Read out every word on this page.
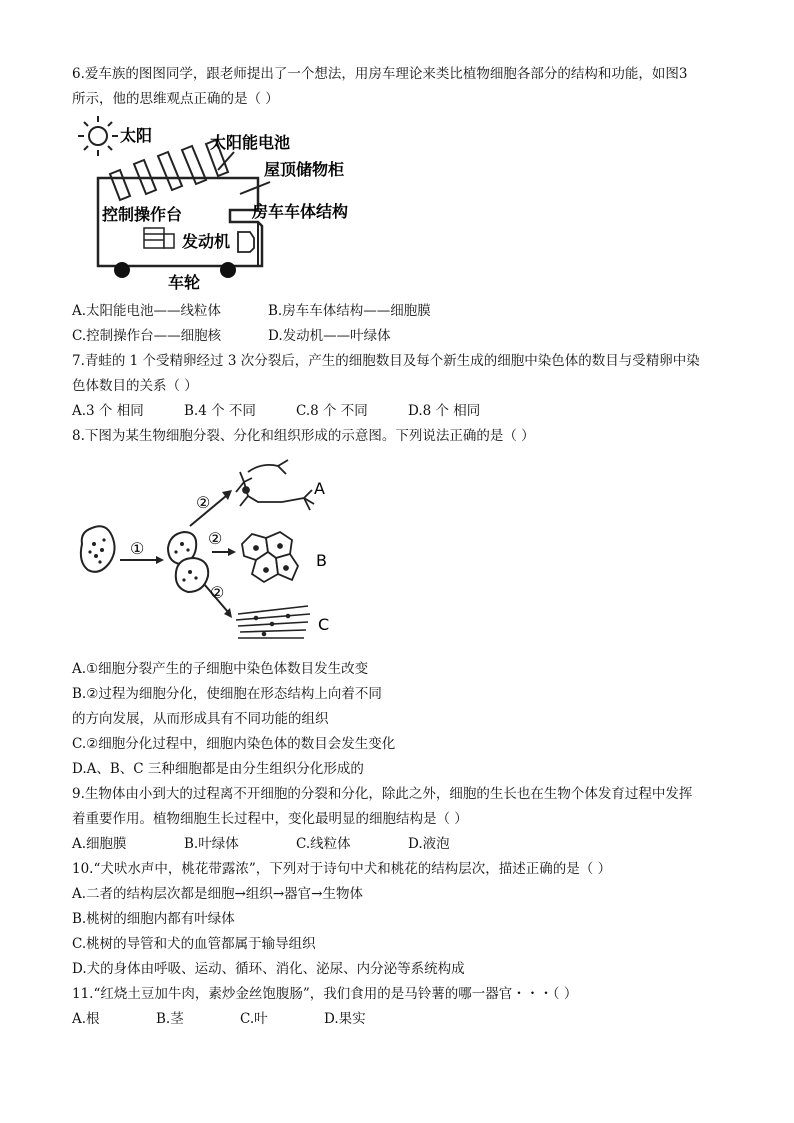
6.爱车族的图图同学，跟老师提出了一个想法，用房车理论来类比植物细胞各部分的结构和功能，如图3
所示，他的思维观点正确的是（ ）
太阳	太阳能电池
屋顶储物柜
控制操作台	房车车体结构
发动机
车轮
A.太阳能电池——线粒体	B.房车车体结构——细胞膜
C.控制操作台——细胞核	D.发动机——叶绿体
7.青蛙的 1 个受精卵经过 3 次分裂后，产生的细胞数目及每个新生成的细胞中染色体的数目与受精卵中染
色体数目的关系（ ）
A.3 个 相同	B.4 个 不同	C.8 个 不同	D.8 个 相同
8.下图为某生物细胞分裂、分化和组织形成的示意图。下列说法正确的是（ ）
①
②
A
②
B
②
C
A.①细胞分裂产生的子细胞中染色体数目发生改变
B.②过程为细胞分化，使细胞在形态结构上向着不同
的方向发展，从而形成具有不同功能的组织
C.②细胞分化过程中，细胞内染色体的数目会发生变化
D.A、B、C 三种细胞都是由分生组织分化形成的
9.生物体由小到大的过程离不开细胞的分裂和分化，除此之外，细胞的生长也在生物个体发育过程中发挥
着重要作用。植物细胞生长过程中，变化最明显的细胞结构是（ ）
A.细胞膜	B.叶绿体	C.线粒体	D.液泡
10.“犬吠水声中，桃花带露浓”，下列对于诗句中犬和桃花的结构层次，描述正确的是（ ）
A.二者的结构层次都是细胞→组织→器官→生物体
B.桃树的细胞内都有叶绿体
C.桃树的导管和犬的血管都属于输导组织
D.犬的身体由呼吸、运动、循环、消化、泌尿、内分泌等系统构成
11.“红烧土豆加牛肉，素炒金丝饱腹肠”，我们食用的是马铃薯的哪一器官・・・（ ）
A.根	B.茎	C.叶	D.果实
